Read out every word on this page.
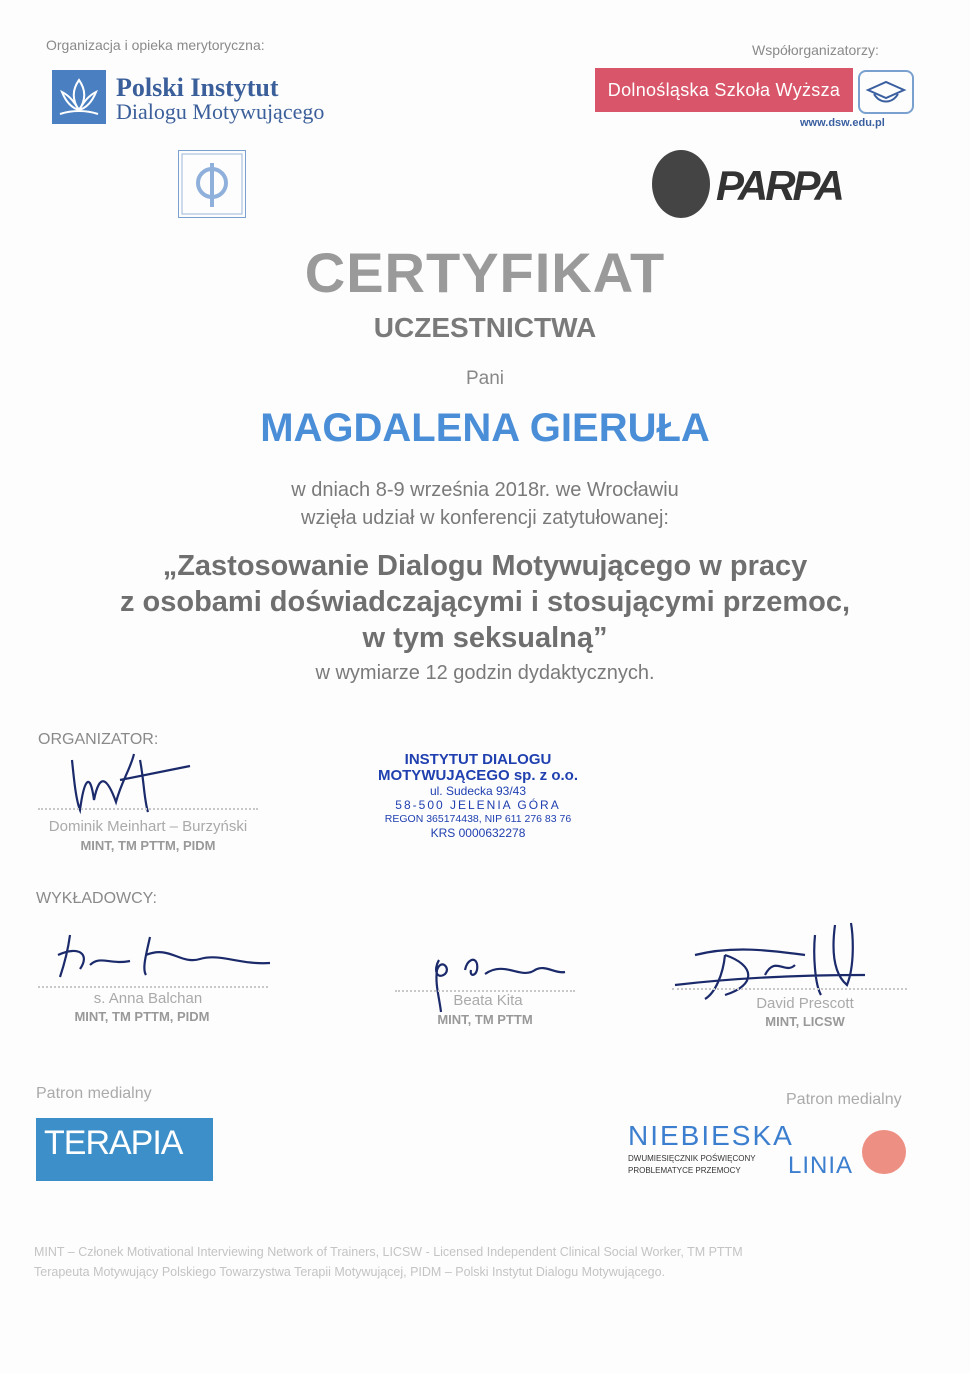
Organizacja i opieka merytoryczna:	Współorganizatorzy:
Polski Instytut
Dialogu Motywującego
Dolnośląska Szkoła Wyższa
www.dsw.edu.pl
PARPA
CERTYFIKAT
UCZESTNICTWA
Pani
MAGDALENA GIERUŁA
w dniach 8-9 września 2018r. we Wrocławiu
wzięła udział w konferencji zatytułowanej:
„Zastosowanie Dialogu Motywującego w pracy
z osobami doświadczającymi i stosującymi przemoc,
w tym seksualną”
w wymiarze 12 godzin dydaktycznych.
ORGANIZATOR:
Dominik Meinhart – Burzyński
MINT, TM PTTM, PIDM
INSTYTUT DIALOGU
MOTYWUJĄCEGO sp. z o.o.
ul. Sudecka 93/43
58-500 JELENIA GÓRA
REGON 365174438, NIP 611 276 83 76
KRS 0000632278
WYKŁADOWCY:
s. Anna Balchan
MINT, TM PTTM, PIDM
Beata Kita
MINT, TM PTTM
David Prescott
MINT, LICSW
Patron medialny
TERAPIA
Patron medialny
NIEBIESKA
DWUMIESIĘCZNIK POŚWIĘCONY
PROBLEMATYCE PRZEMOCY	LINIA
MINT – Członek Motivational Interviewing Network of Trainers, LICSW - Licensed Independent Clinical Social Worker, TM PTTM
Terapeuta Motywujący Polskiego Towarzystwa Terapii Motywującej, PIDM – Polski Instytut Dialogu Motywującego.
